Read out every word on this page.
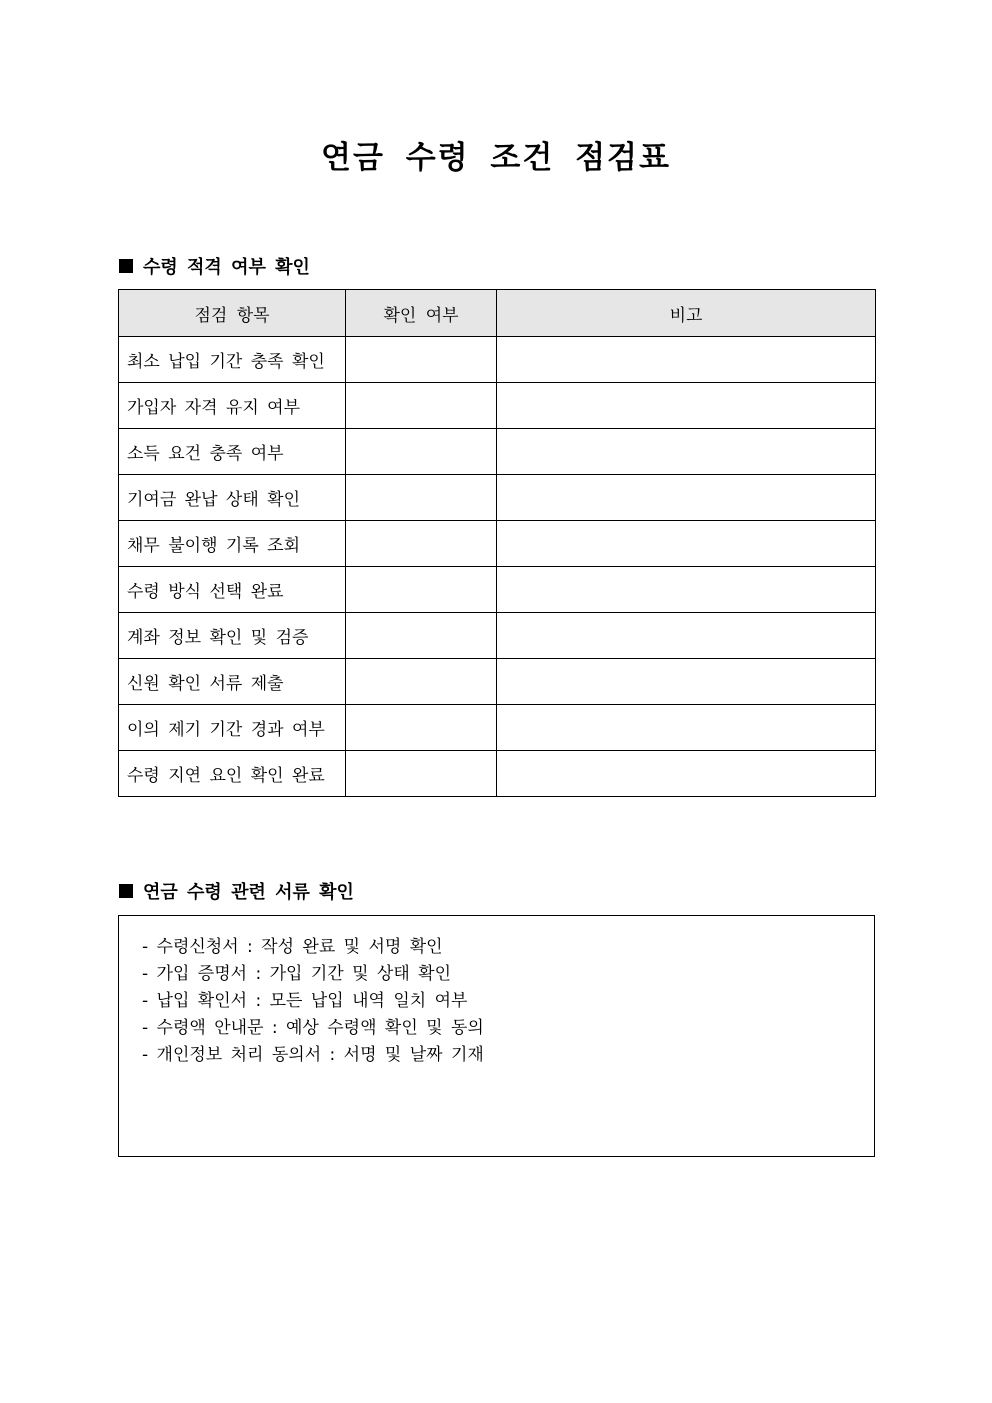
연금 수령 조건 점검표
수령 적격 여부 확인
점검 항목	확인 여부	비고
최소 납입 기간 충족 확인		
가입자 자격 유지 여부		
소득 요건 충족 여부		
기여금 완납 상태 확인		
채무 불이행 기록 조회		
수령 방식 선택 완료		
계좌 정보 확인 및 검증		
신원 확인 서류 제출		
이의 제기 기간 경과 여부		
수령 지연 요인 확인 완료		
연금 수령 관련 서류 확인
- 수령신청서 : 작성 완료 및 서명 확인
- 가입 증명서 : 가입 기간 및 상태 확인
- 납입 확인서 : 모든 납입 내역 일치 여부
- 수령액 안내문 : 예상 수령액 확인 및 동의
- 개인정보 처리 동의서 : 서명 및 날짜 기재
